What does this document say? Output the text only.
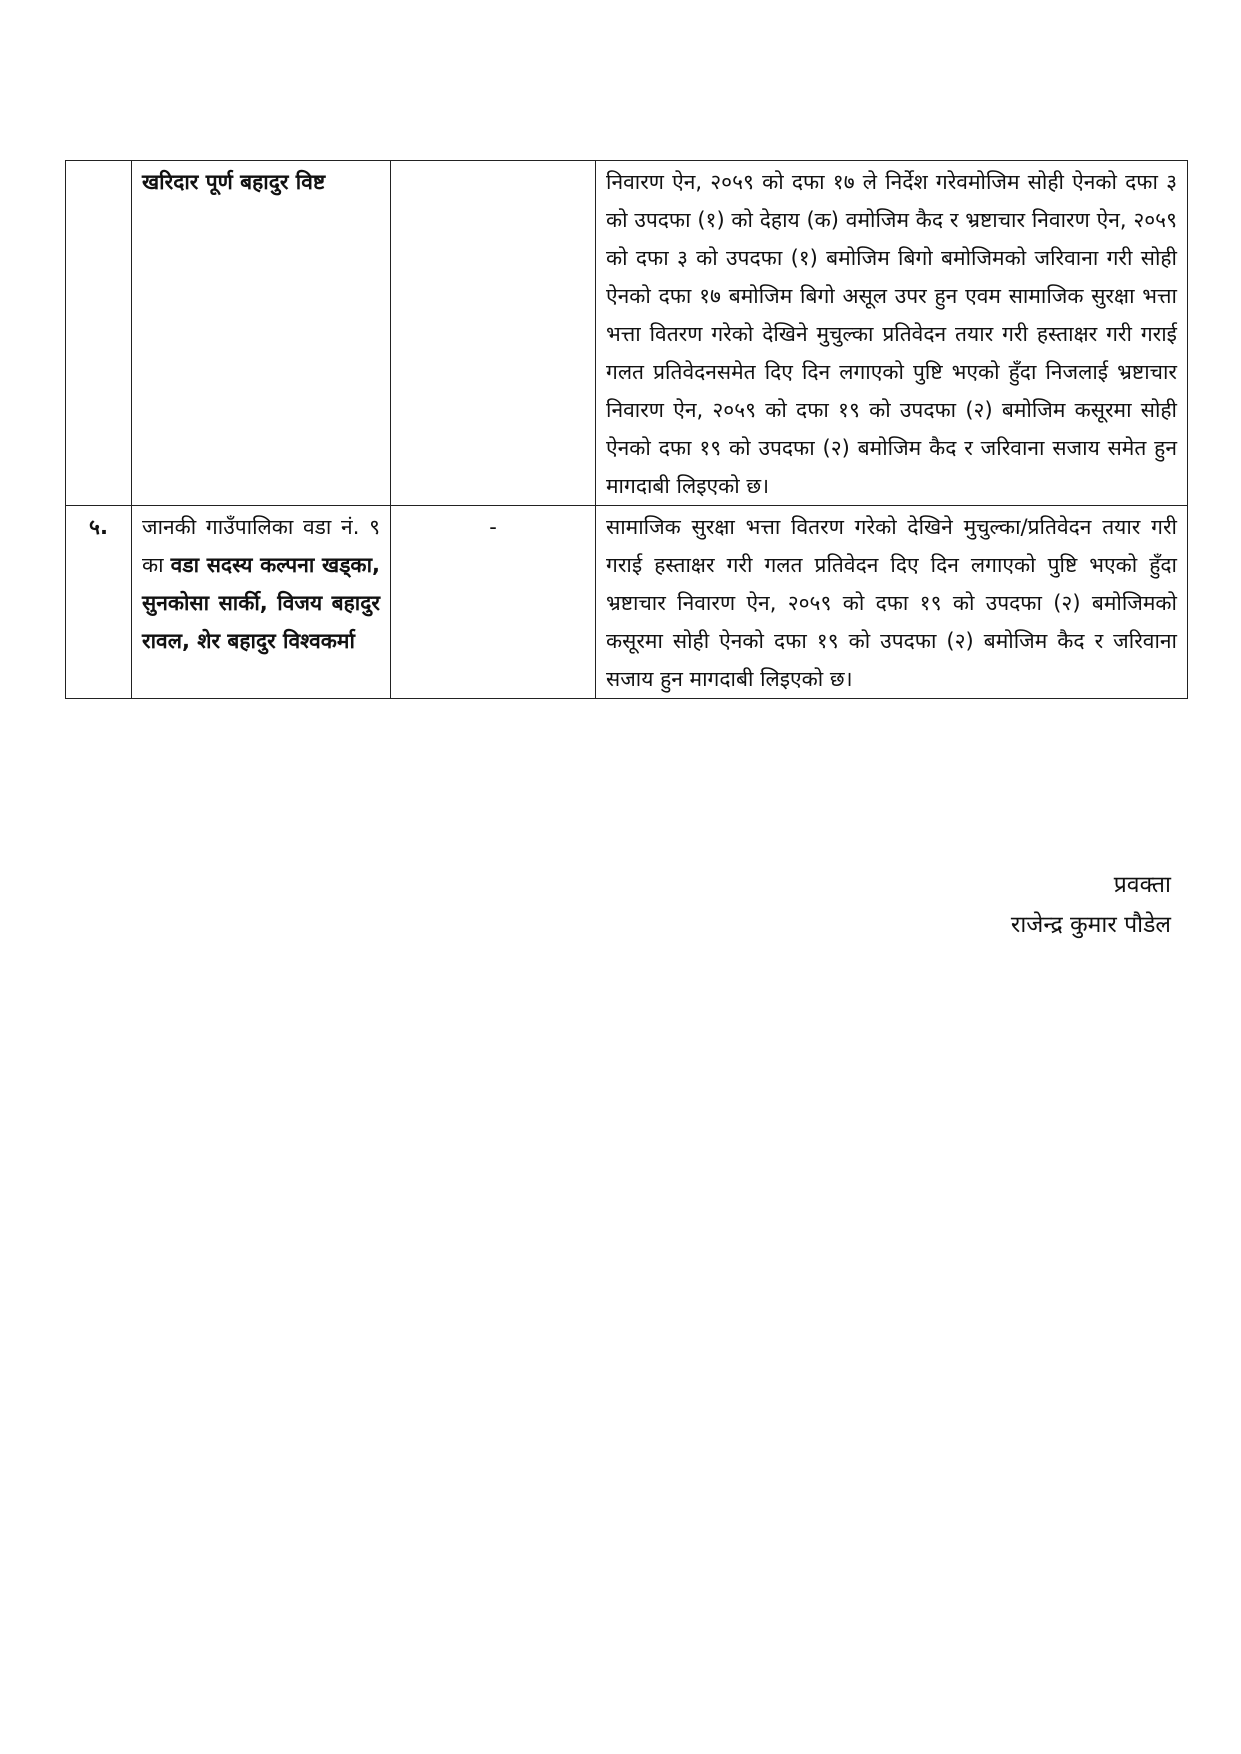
	खरिदार पूर्ण बहादुर विष्ट		निवारण ऐन, २०५९ को दफा १७ ले निर्देश गरेवमोजिम सोही ऐनको दफा ३ को उपदफा (१) को देहाय (क) वमोजिम कैद र भ्रष्टाचार निवारण ऐन, २०५९ को दफा ३ को उपदफा (१) बमोजिम बिगो बमोजिमको जरिवाना गरी सोही ऐनको दफा १७ बमोजिम बिगो असूल उपर हुन एवम सामाजिक सुरक्षा भत्ता भत्ता वितरण गरेको देखिने मुचुल्का प्रतिवेदन तयार गरी हस्ताक्षर गरी गराई गलत प्रतिवेदनसमेत दिए दिन लगाएको पुष्टि भएको हुँदा निजलाई भ्रष्टाचार निवारण ऐन, २०५९ को दफा १९ को उपदफा (२) बमोजिम कसूरमा सोही ऐनको दफा १९ को उपदफा (२) बमोजिम कैद र जरिवाना सजाय समेत हुन मागदाबी लिइएको छ।
५.	जानकी गाउँपालिका वडा नं. ९ का वडा सदस्य कल्पना खड्का, सुनकोसा सार्की, विजय बहादुर रावल, शेर बहादुर विश्वकर्मा	-	सामाजिक सुरक्षा भत्ता वितरण गरेको देखिने मुचुल्का/प्रतिवेदन तयार गरी गराई हस्ताक्षर गरी गलत प्रतिवेदन दिए दिन लगाएको पुष्टि भएको हुँदा भ्रष्टाचार निवारण ऐन, २०५९ को दफा १९ को उपदफा (२) बमोजिमको कसूरमा सोही ऐनको दफा १९ को उपदफा (२) बमोजिम कैद र जरिवाना सजाय हुन मागदाबी लिइएको छ।
प्रवक्ता
राजेन्द्र कुमार पौडेल
